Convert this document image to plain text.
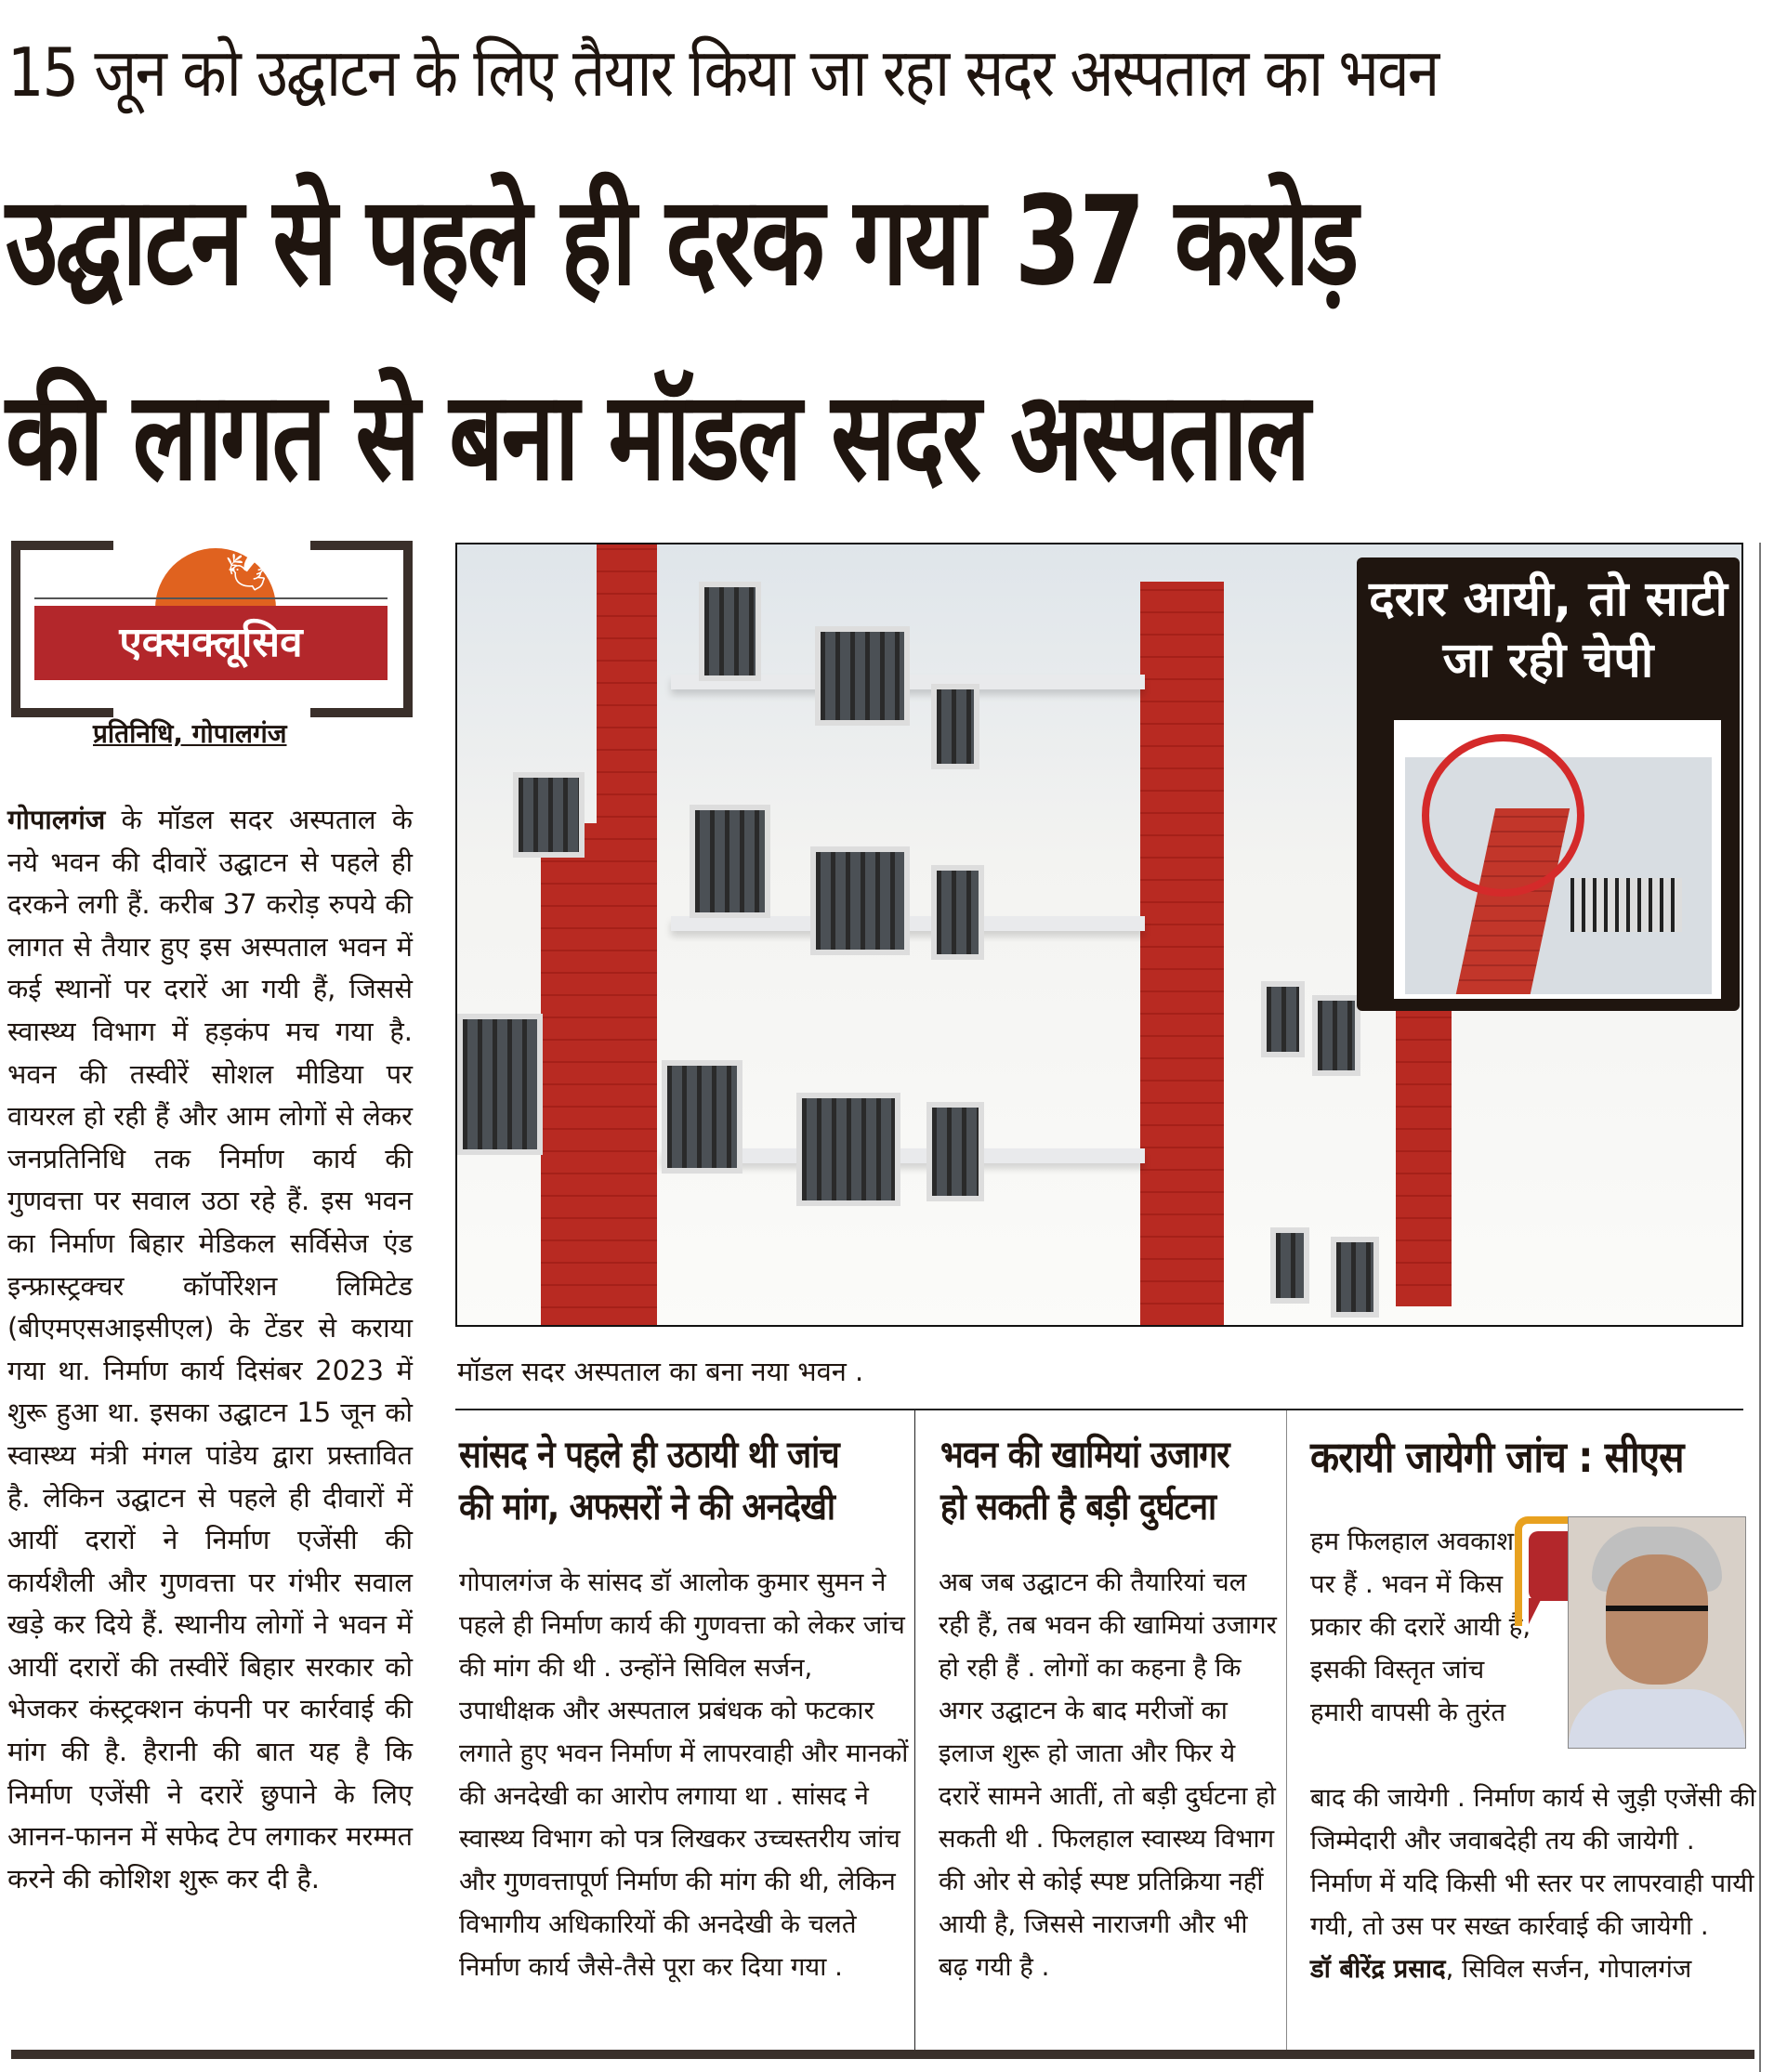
15 जून को उद्घाटन के लिए तैयार किया जा रहा सदर अस्पताल का भवन
उद्घाटन से पहले ही दरक गया 37 करोड़
की लागत से बना मॉडल सदर अस्पताल
🕊
एक्सक्लूसिव
प्रतिनिधि, गोपालगंज
गोपालगंज के मॉडल सदर अस्पताल के नये भवन की दीवारें उद्घाटन से पहले ही दरकने लगी हैं. करीब 37 करोड़ रुपये की लागत से तैयार हुए इस अस्पताल भवन में कई स्थानों पर दरारें आ गयी हैं, जिससे स्वास्थ्य विभाग में हड़कंप मच गया है. भवन की तस्वीरें सोशल मीडिया पर वायरल हो रही हैं और आम लोगों से लेकर जनप्रतिनिधि तक निर्माण कार्य की गुणवत्ता पर सवाल उठा रहे हैं. इस भवन का निर्माण बिहार मेडिकल सर्विसेज एंड इन्फ्रास्ट्रक्चर कॉर्पोरेशन लिमिटेड (बीएमएसआइसीएल) के टेंडर से कराया गया था. निर्माण कार्य दिसंबर 2023 में शुरू हुआ था. इसका उद्घाटन 15 जून को स्वास्थ्य मंत्री मंगल पांडेय द्वारा प्रस्तावित है. लेकिन उद्घाटन से पहले ही दीवारों में आयीं दरारों ने निर्माण एजेंसी की कार्यशैली और गुणवत्ता पर गंभीर सवाल खड़े कर दिये हैं. स्थानीय लोगों ने भवन में आयीं दरारों की तस्वीरें बिहार सरकार को भेजकर कंस्ट्रक्शन कंपनी पर कार्रवाई की मांग की है. हैरानी की बात यह है कि निर्माण एजेंसी ने दरारें छुपाने के लिए आनन-फानन में सफेद टेप लगाकर मरम्मत करने की कोशिश शुरू कर दी है.
दरार आयी, तो साटी
जा रही चेपी
मॉडल सदर अस्पताल का बना नया भवन .
सांसद ने पहले ही उठायी थी जांच
की मांग, अफसरों ने की अनदेखी
गोपालगंज के सांसद डॉ आलोक कुमार सुमन ने पहले ही निर्माण कार्य की गुणवत्ता को लेकर जांच की मांग की थी . उन्होंने सिविल सर्जन, उपाधीक्षक और अस्पताल प्रबंधक को फटकार लगाते हुए भवन निर्माण में लापरवाही और मानकों की अनदेखी का आरोप लगाया था . सांसद ने स्वास्थ्य विभाग को पत्र लिखकर उच्चस्तरीय जांच और गुणवत्तापूर्ण निर्माण की मांग की थी, लेकिन विभागीय अधिकारियों की अनदेखी के चलते निर्माण कार्य जैसे-तैसे पूरा कर दिया गया .
भवन की खामियां उजागर
हो सकती है बड़ी दुर्घटना
अब जब उद्घाटन की तैयारियां चल रही हैं, तब भवन की खामियां उजागर हो रही हैं . लोगों का कहना है कि अगर उद्घाटन के बाद मरीजों का इलाज शुरू हो जाता और फिर ये दरारें सामने आतीं, तो बड़ी दुर्घटना हो सकती थी . फिलहाल स्वास्थ्य विभाग की ओर से कोई स्पष्ट प्रतिक्रिया नहीं आयी है, जिससे नाराजगी और भी बढ़ गयी है .
करायी जायेगी जांच : सीएस
हम फिलहाल अवकाश पर हैं . भवन में किस प्रकार की दरारें आयी हैं, इसकी विस्तृत जांच हमारी वापसी के तुरंत
बाद की जायेगी . निर्माण कार्य से जुड़ी एजेंसी की जिम्मेदारी और जवाबदेही तय की जायेगी . निर्माण में यदि किसी भी स्तर पर लापरवाही पायी गयी, तो उस पर सख्त कार्रवाई की जायेगी .
डॉ बीरेंद्र प्रसाद, सिविल सर्जन, गोपालगंज
